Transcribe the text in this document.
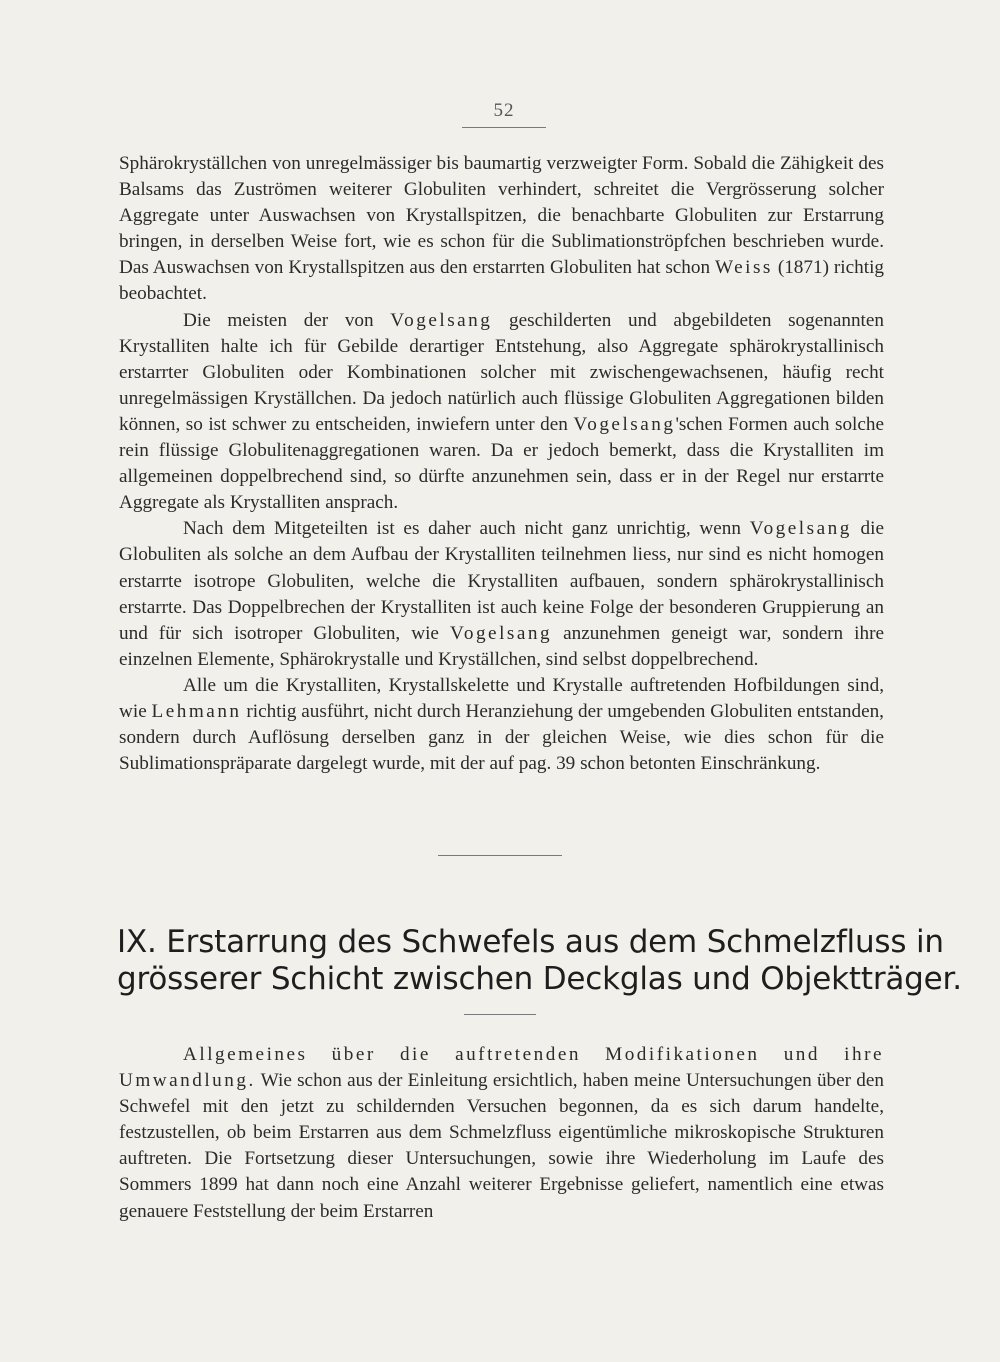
52

Sphärokryställchen von unregelmässiger bis baumartig verzweigter Form. Sobald die Zähigkeit des Balsams das Zuströmen weiterer Globuliten verhindert, schreitet die Vergrösserung solcher Aggregate unter Auswachsen von Krystallspitzen, die benachbarte Globuliten zur Erstarrung bringen, in derselben Weise fort, wie es schon für die Sublimationströpfchen beschrieben wurde. Das Auswachsen von Krystallspitzen aus den erstarrten Globuliten hat schon Weiss (1871) richtig beobachtet.

Die meisten der von Vogelsang geschilderten und abgebildeten sogenannten Krystalliten halte ich für Gebilde derartiger Entstehung, also Aggregate sphärokrystallinisch erstarrter Globuliten oder Kombinationen solcher mit zwischengewachsenen, häufig recht unregelmässigen Kryställchen. Da jedoch natürlich auch flüssige Globuliten Aggregationen bilden können, so ist schwer zu entscheiden, inwiefern unter den Vogelsang'schen Formen auch solche rein flüssige Globulitenaggregationen waren. Da er jedoch bemerkt, dass die Krystalliten im allgemeinen doppelbrechend sind, so dürfte anzunehmen sein, dass er in der Regel nur erstarrte Aggregate als Krystalliten ansprach.

Nach dem Mitgeteilten ist es daher auch nicht ganz unrichtig, wenn Vogelsang die Globuliten als solche an dem Aufbau der Krystalliten teilnehmen liess, nur sind es nicht homogen erstarrte isotrope Globuliten, welche die Krystalliten aufbauen, sondern sphärokrystallinisch erstarrte. Das Doppelbrechen der Krystalliten ist auch keine Folge der besonderen Gruppierung an und für sich isotroper Globuliten, wie Vogelsang anzunehmen geneigt war, sondern ihre einzelnen Elemente, Sphärokrystalle und Kryställchen, sind selbst doppelbrechend.

Alle um die Krystalliten, Krystallskelette und Krystalle auftretenden Hofbildungen sind, wie Lehmann richtig ausführt, nicht durch Heranziehung der umgebenden Globuliten entstanden, sondern durch Auflösung derselben ganz in der gleichen Weise, wie dies schon für die Sublimationspräparate dargelegt wurde, mit der auf pag. 39 schon betonten Einschränkung.

IX. Erstarrung des Schwefels aus dem Schmelzfluss in
grösserer Schicht zwischen Deckglas und Objektträger.

Allgemeines über die auftretenden Modifikationen und ihre Umwandlung. Wie schon aus der Einleitung ersichtlich, haben meine Untersuchungen über den Schwefel mit den jetzt zu schildernden Versuchen begonnen, da es sich darum handelte, festzustellen, ob beim Erstarren aus dem Schmelzfluss eigentümliche mikroskopische Strukturen auftreten. Die Fortsetzung dieser Untersuchungen, sowie ihre Wiederholung im Laufe des Sommers 1899 hat dann noch eine Anzahl weiterer Ergebnisse geliefert, namentlich eine etwas genauere Feststellung der beim Erstarren
